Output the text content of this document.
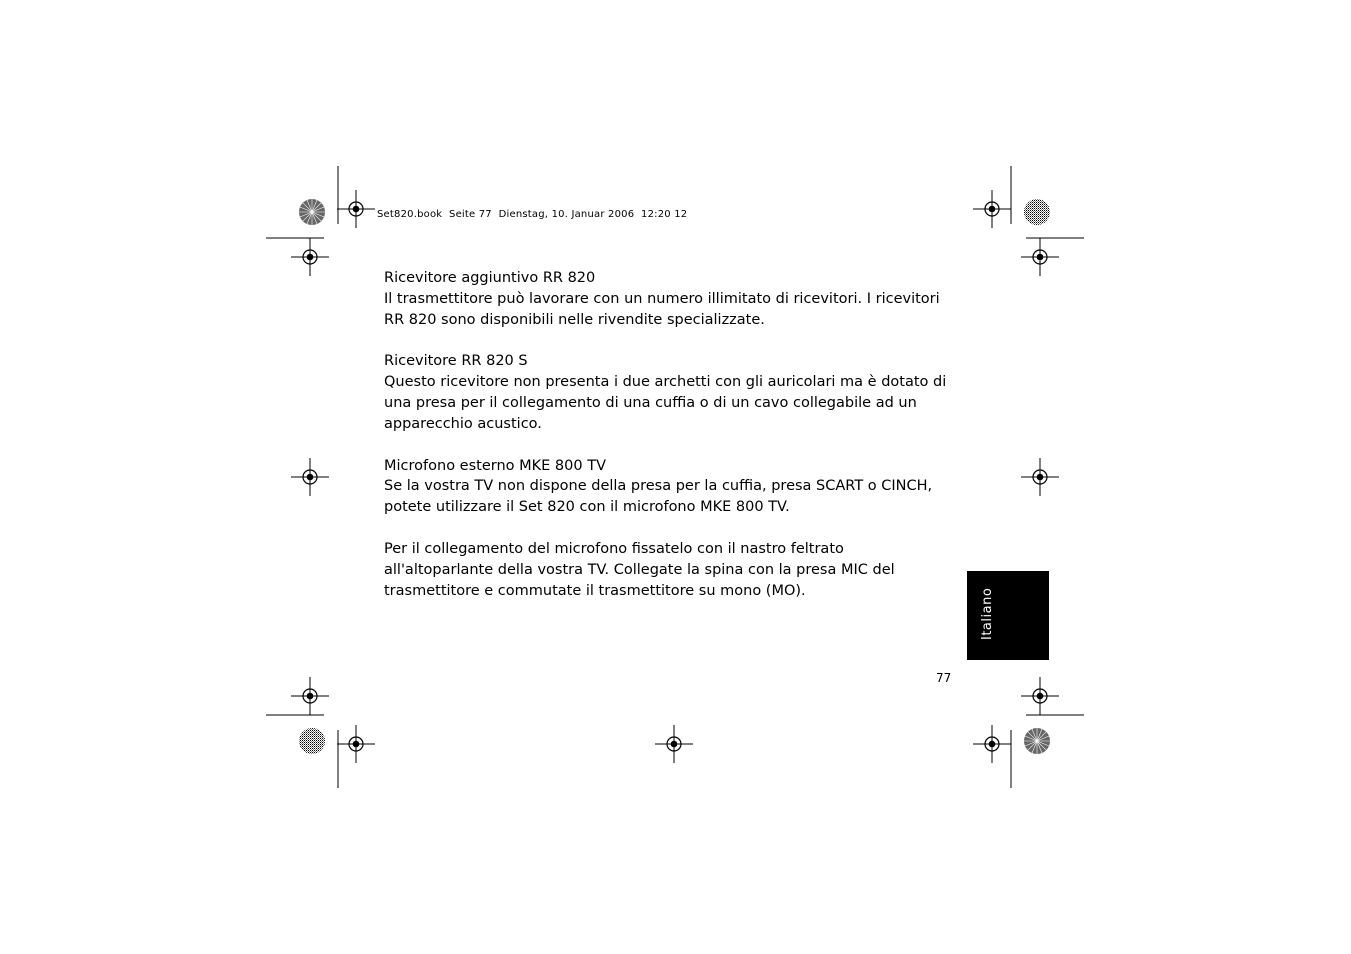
Set820.book  Seite 77  Dienstag, 10. Januar 2006  12:20 12

Ricevitore aggiuntivo RR 820

Il trasmettitore può lavorare con un numero illimitato di ricevitori. I ricevitori

RR 820 sono disponibili nelle rivendite specializzate.

Ricevitore RR 820 S

Questo ricevitore non presenta i due archetti con gli auricolari ma è dotato di

una presa per il collegamento di una cuffia o di un cavo collegabile ad un

apparecchio acustico.

Microfono esterno MKE 800 TV

Se la vostra TV non dispone della presa per la cuffia, presa SCART o CINCH,

potete utilizzare il Set 820 con il microfono MKE 800 TV.

Per il collegamento del microfono fissatelo con il nastro feltrato

all'altoparlante della vostra TV. Collegate la spina con la presa MIC del

trasmettitore e commutate il trasmettitore su mono (MO).	Italiano
77
